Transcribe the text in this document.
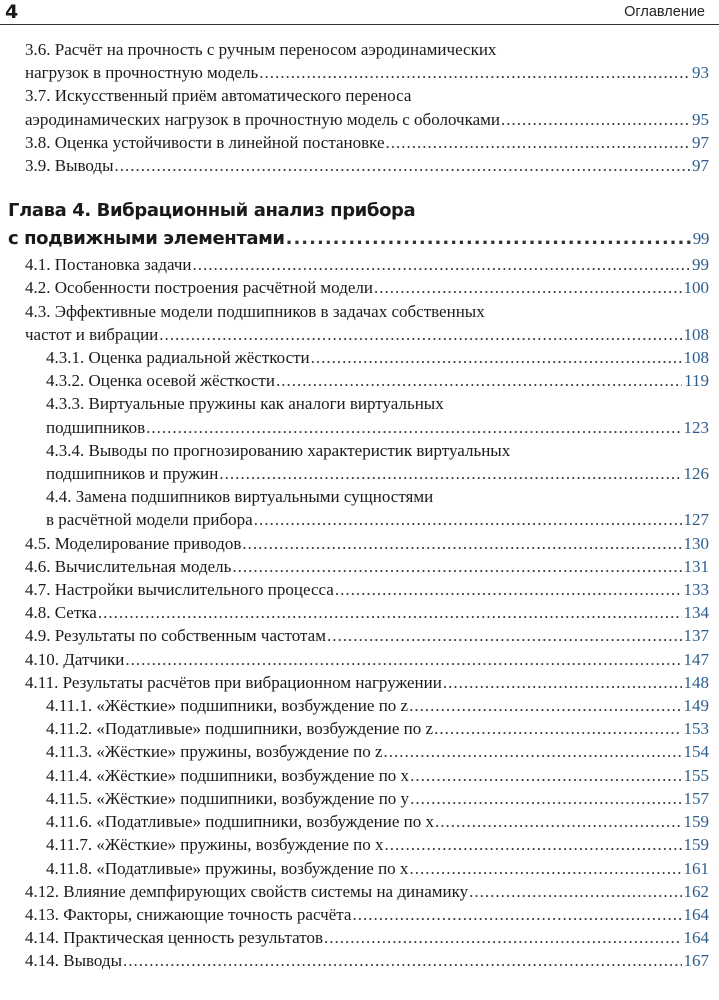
4	Оглавление
3.6. Расчёт на прочность с ручным переносом аэродинамических
нагрузок в прочностную модель .....	93
3.7. Искусственный приём автоматического переноса
аэродинамических нагрузок в прочностную модель с оболочками .....	95
3.8. Оценка устойчивости в линейной постановке .....	97
3.9. Выводы .....	97
Глава 4. Вибрационный анализ прибора
с подвижными элементами .....	99
4.1. Постановка задачи .....	99
4.2. Особенности построения расчётной модели .....	100
4.3. Эффективные модели подшипников в задачах собственных
частот и вибрации .....	108
4.3.1. Оценка радиальной жёсткости .....	108
4.3.2. Оценка осевой жёсткости .....	119
4.3.3. Виртуальные пружины как аналоги виртуальных
подшипников .....	123
4.3.4. Выводы по прогнозированию характеристик виртуальных
подшипников и пружин .....	126
4.4. Замена подшипников виртуальными сущностями
в расчётной модели прибора .....	127
4.5. Моделирование приводов .....	130
4.6. Вычислительная модель .....	131
4.7. Настройки вычислительного процесса .....	133
4.8. Сетка .....	134
4.9. Результаты по собственным частотам .....	137
4.10. Датчики .....	147
4.11. Результаты расчётов при вибрационном нагружении .....	148
4.11.1. «Жёсткие» подшипники, возбуждение по z .....	149
4.11.2. «Податливые» подшипники, возбуждение по z .....	153
4.11.3. «Жёсткие» пружины, возбуждение по z .....	154
4.11.4. «Жёсткие» подшипники, возбуждение по x .....	155
4.11.5. «Жёсткие» подшипники, возбуждение по y .....	157
4.11.6. «Податливые» подшипники, возбуждение по x .....	159
4.11.7. «Жёсткие» пружины, возбуждение по x .....	159
4.11.8. «Податливые» пружины, возбуждение по x .....	161
4.12. Влияние демпфирующих свойств системы на динамику .....	162
4.13. Факторы, снижающие точность расчёта .....	164
4.14. Практическая ценность результатов .....	164
4.14. Выводы .....	167
